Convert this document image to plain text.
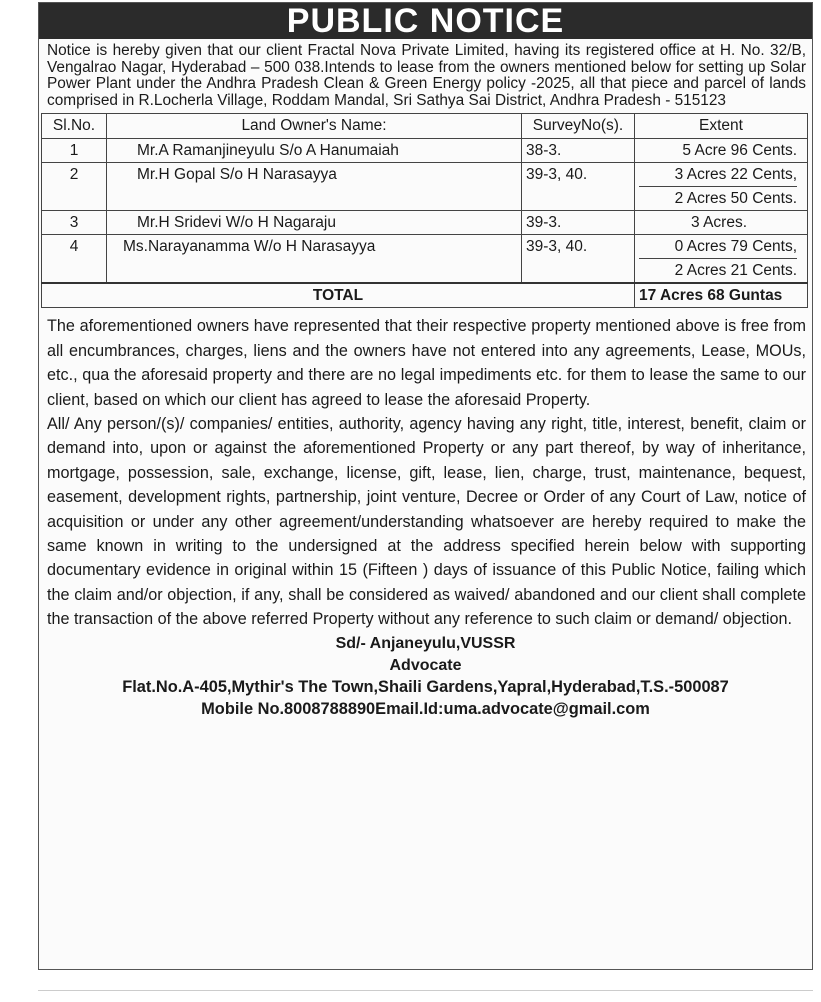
PUBLIC NOTICE
Notice is hereby given that our client Fractal Nova Private Limited, having its registered office at H. No. 32/B, Vengalrao Nagar, Hyderabad – 500 038.Intends to lease from the owners mentioned below for setting up Solar Power Plant under the Andhra Pradesh Clean & Green Energy policy -2025, all that piece and parcel of lands comprised in R.Locherla Village, Roddam Mandal, Sri Sathya Sai District, Andhra Pradesh - 515123
Sl.No.	Land Owner's Name:	SurveyNo(s).	Extent
1	Mr.A Ramanjineyulu S/o A Hanumaiah	38-3.	5 Acre 96 Cents.

2	Mr.H Gopal S/o H Narasayya	39-3, 40.	3 Acres 22 Cents,
2 Acres 50 Cents.

3	Mr.H Sridevi W/o H Nagaraju	39-3.	3 Acres.

4	Ms.Narayanamma W/o H Narasayya	39-3, 40.	0 Acres 79 Cents,
2 Acres 21 Cents.

TOTAL			17 Acres 68 Guntas

The aforementioned owners have represented that their respective property mentioned above is free from all encumbrances, charges, liens and the owners have not entered into any agreements, Lease, MOUs, etc., qua the aforesaid property and there are no legal impediments etc. for them to lease the same to our client, based on which our client has agreed to lease the aforesaid Property.

All/ Any person/(s)/ companies/ entities, authority, agency having any right, title, interest, benefit, claim or demand into, upon or against the aforementioned Property or any part thereof, by way of inheritance, mortgage, possession, sale, exchange, license, gift, lease, lien, charge, trust, maintenance, bequest, easement, development rights, partnership, joint venture, Decree or Order of any Court of Law, notice of acquisition or under any other agreement/understanding whatsoever are hereby required to make the same known in writing to the undersigned at the address specified herein below with supporting documentary evidence in original within 15 (Fifteen ) days of issuance of this Public Notice, failing which the claim and/or objection, if any, shall be considered as waived/ abandoned and our client shall complete the transaction of the above referred Property without any reference to such claim or demand/ objection.

Sd/- Anjaneyulu,VUSSR
Advocate
Flat.No.A-405,Mythir's The Town,Shaili Gardens,Yapral,Hyderabad,T.S.-500087
Mobile No.8008788890Email.Id:uma.advocate@gmail.com
